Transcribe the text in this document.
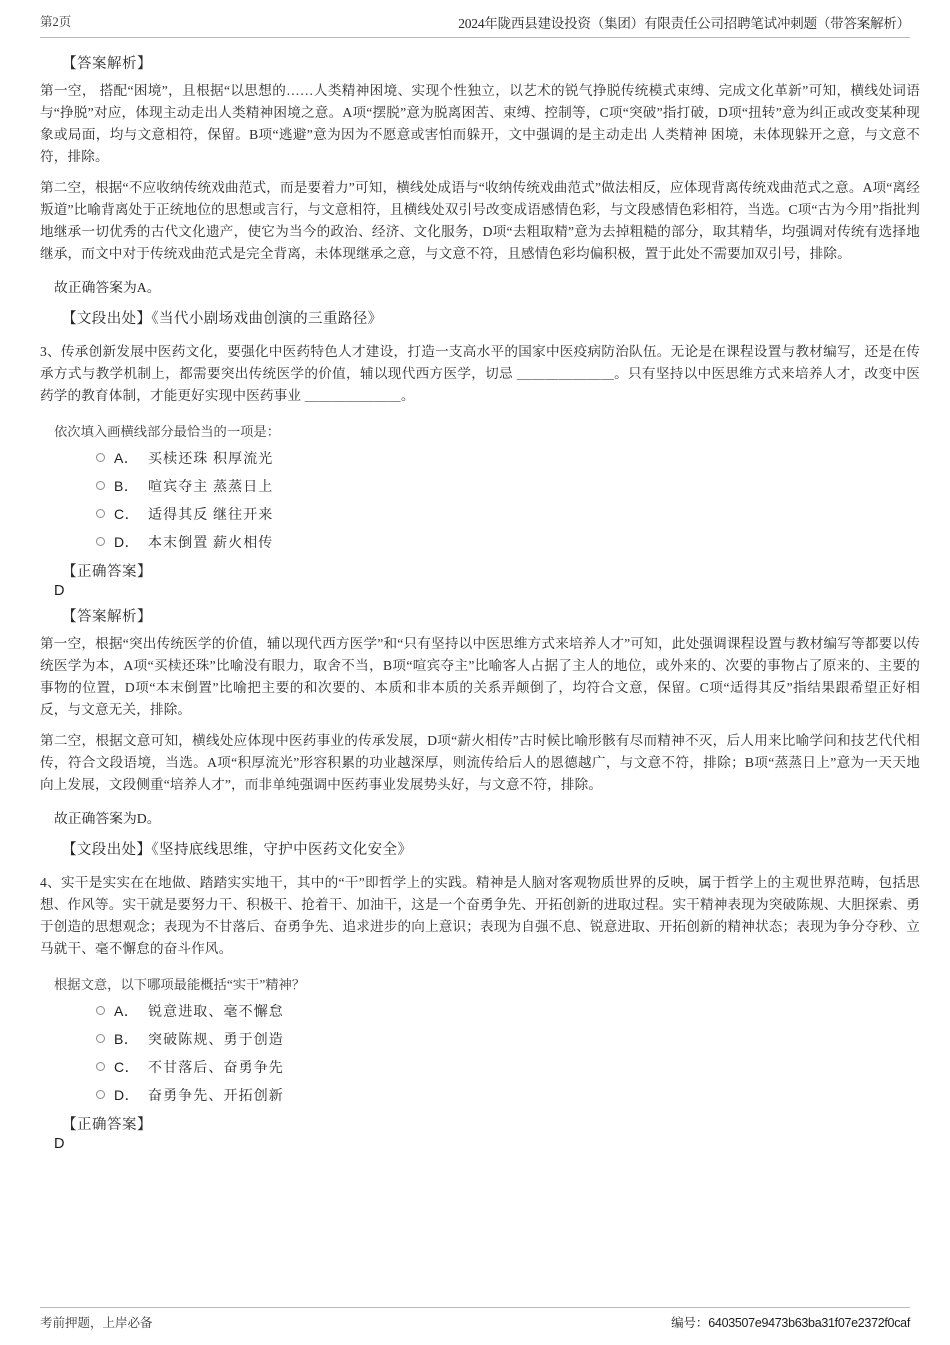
第2页	2024年陇西县建设投资（集团）有限责任公司招聘笔试冲刺题（带答案解析）
【答案解析】
第一空， 搭配“困境”，且根据“以思想的……人类精神困境、实现个性独立，以艺术的锐气挣脱传统模式束缚、完成文化革新”可知，横线处词语与“挣脱”对应，体现主动走出人类精神困境之意。A项“摆脱”意为脱离困苦、束缚、控制等，C项“突破”指打破，D项“扭转”意为纠正或改变某种现象或局面，均与文意相符，保留。B项“逃避”意为因为不愿意或害怕而躲开，文中强调的是主动走出 人类精神 困境，未体现躲开之意，与文意不符，排除。
第二空，根据“不应收纳传统戏曲范式，而是要着力”可知，横线处成语与“收纳传统戏曲范式”做法相反，应体现背离传统戏曲范式之意。A项“离经叛道”比喻背离处于正统地位的思想或言行，与文意相符，且横线处双引号改变成语感情色彩，与文段感情色彩相符，当选。C项“古为今用”指批判地继承一切优秀的古代文化遗产，使它为当今的政治、经济、文化服务，D项“去粗取精”意为去掉粗糙的部分，取其精华，均强调对传统有选择地继承，而文中对于传统戏曲范式是完全背离，未体现继承之意，与文意不符，且感情色彩均偏积极，置于此处不需要加双引号，排除。
故正确答案为A。
【文段出处】《当代小剧场戏曲创演的三重路径》
3、传承创新发展中医药文化，要强化中医药特色人才建设，打造一支高水平的国家中医疫病防治队伍。无论是在课程设置与教材编写，还是在传承方式与教学机制上，都需要突出传统医学的价值，辅以现代西方医学，切忌 ＿＿＿＿＿＿＿。只有坚持以中医思维方式来培养人才，改变中医药学的教育体制，才能更好实现中医药事业 ＿＿＿＿＿＿＿。
依次填入画横线部分最恰当的一项是：
A． 买椟还珠 积厚流光
B． 喧宾夺主 蒸蒸日上
C． 适得其反 继往开来
D． 本末倒置 薪火相传
【正确答案】
D
【答案解析】
第一空，根据“突出传统医学的价值，辅以现代西方医学”和“只有坚持以中医思维方式来培养人才”可知，此处强调课程设置与教材编写等都要以传统医学为本，A项“买椟还珠”比喻没有眼力，取舍不当，B项“喧宾夺主”比喻客人占据了主人的地位，或外来的、次要的事物占了原来的、主要的事物的位置，D项“本末倒置”比喻把主要的和次要的、本质和非本质的关系弄颠倒了，均符合文意，保留。C项“适得其反”指结果跟希望正好相反，与文意无关，排除。
第二空，根据文意可知，横线处应体现中医药事业的传承发展，D项“薪火相传”古时候比喻形骸有尽而精神不灭，后人用来比喻学问和技艺代代相传，符合文段语境，当选。A项“积厚流光”形容积累的功业越深厚，则流传给后人的恩德越广，与文意不符，排除；B项“蒸蒸日上”意为一天天地向上发展，文段侧重“培养人才”，而非单纯强调中医药事业发展势头好，与文意不符，排除。
故正确答案为D。
【文段出处】《坚持底线思维，守护中医药文化安全》
4、实干是实实在在地做、踏踏实实地干，其中的“干”即哲学上的实践。精神是人脑对客观物质世界的反映，属于哲学上的主观世界范畴，包括思想、作风等。实干就是要努力干、积极干、抢着干、加油干，这是一个奋勇争先、开拓创新的进取过程。实干精神表现为突破陈规、大胆探索、勇于创造的思想观念；表现为不甘落后、奋勇争先、追求进步的向上意识；表现为自强不息、锐意进取、开拓创新的精神状态；表现为争分夺秒、立马就干、毫不懈怠的奋斗作风。
根据文意，以下哪项最能概括“实干”精神？
A． 锐意进取、毫不懈怠
B． 突破陈规、勇于创造
C． 不甘落后、奋勇争先
D． 奋勇争先、开拓创新
【正确答案】
D
考前押题，上岸必备	编号：6403507e9473b63ba31f07e2372f0caf
